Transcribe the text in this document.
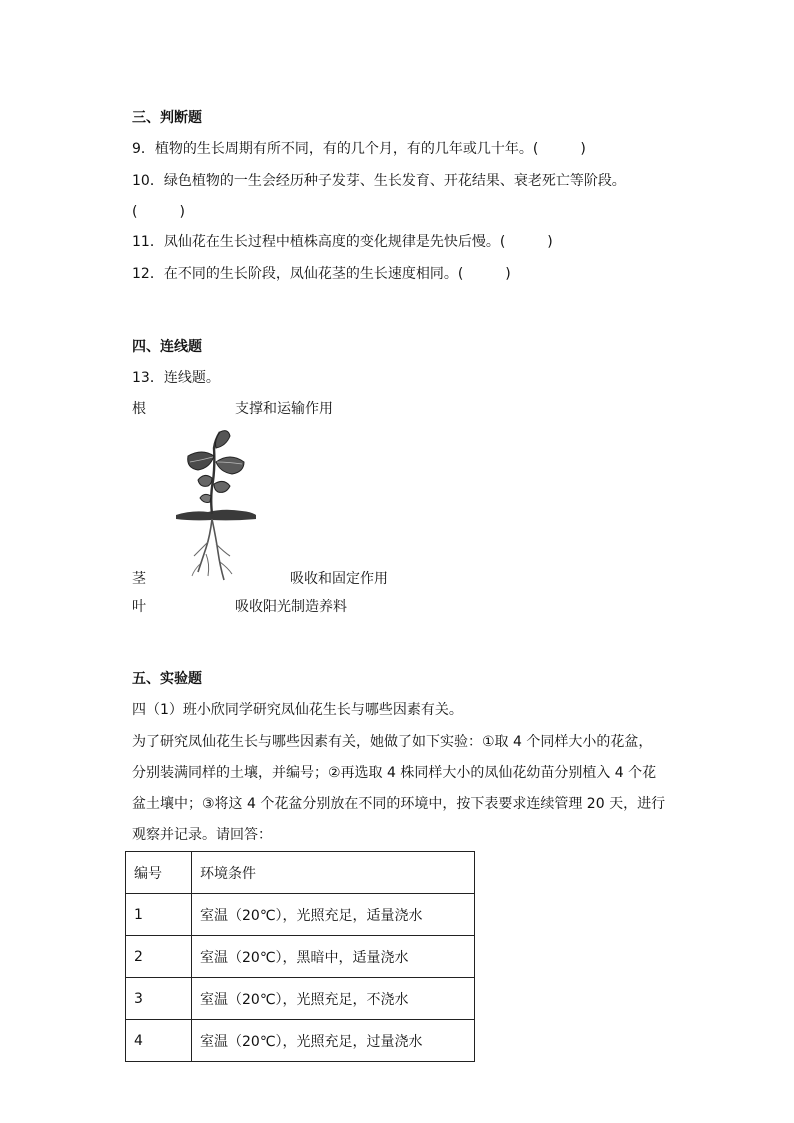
三、判断题
9．植物的生长周期有所不同，有的几个月，有的几年或几十年。(　　　)
10．绿色植物的一生会经历种子发芽、生长发育、开花结果、衰老死亡等阶段。
(　　　)
11．凤仙花在生长过程中植株高度的变化规律是先快后慢。(　　　)
12．在不同的生长阶段，凤仙花茎的生长速度相同。(　　　)
四、连线题
13．连线题。
根	支撑和运输作用
茎	吸收和固定作用
叶	吸收阳光制造养料
五、实验题
四（1）班小欣同学研究凤仙花生长与哪些因素有关。
为了研究凤仙花生长与哪些因素有关，她做了如下实验：①取 4 个同样大小的花盆，
分别装满同样的土壤，并编号；②再选取 4 株同样大小的凤仙花幼苗分别植入 4 个花
盆土壤中；③将这 4 个花盆分别放在不同的环境中，按下表要求连续管理 20 天，进行
观察并记录。请回答：
编号	环境条件
1	室温（20℃），光照充足，适量浇水
2	室温（20℃），黑暗中，适量浇水
3	室温（20℃），光照充足，不浇水
4	室温（20℃），光照充足，过量浇水
